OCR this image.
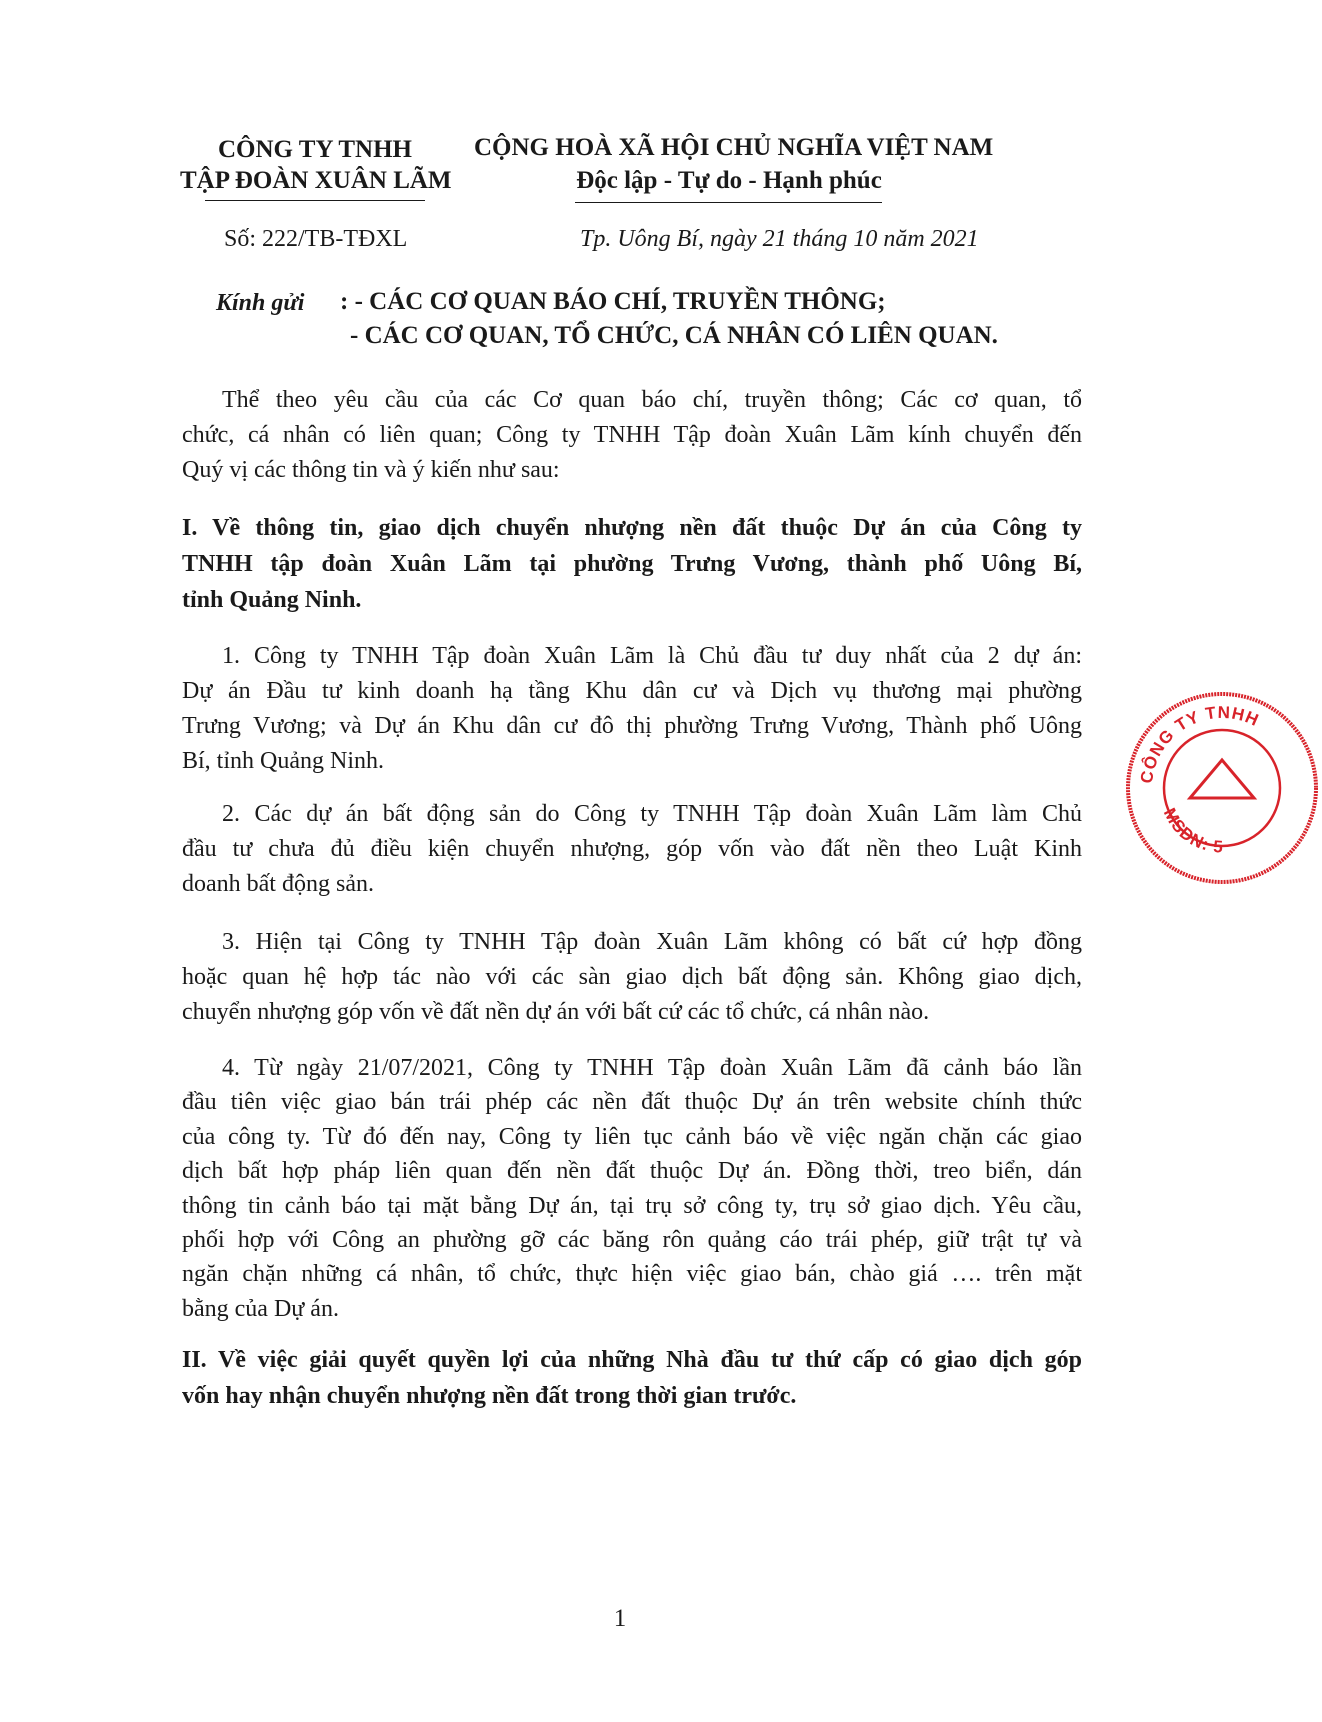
CÔNG TY TNHH
TẬP ĐOÀN XUÂN LÃM
CỘNG HOÀ XÃ HỘI CHỦ NGHĨA VIỆT NAM
Độc lập - Tự do - Hạnh phúc
Số: 222/TB-TĐXL	Tp. Uông Bí, ngày 21 tháng 10 năm 2021
Kính gửi : - CÁC CƠ QUAN BÁO CHÍ, TRUYỀN THÔNG;
- CÁC CƠ QUAN, TỔ CHỨC, CÁ NHÂN CÓ LIÊN QUAN.
Thể theo yêu cầu của các Cơ quan báo chí, truyền thông; Các cơ quan, tổ
chức, cá nhân có liên quan; Công ty TNHH Tập đoàn Xuân Lãm kính chuyển đến
Quý vị các thông tin và ý kiến như sau:
I. Về thông tin, giao dịch chuyển nhượng nền đất thuộc Dự án của Công ty
TNHH tập đoàn Xuân Lãm tại phường Trưng Vương, thành phố Uông Bí,
tỉnh Quảng Ninh.
1. Công ty TNHH Tập đoàn Xuân Lãm là Chủ đầu tư duy nhất của 2 dự án:
Dự án Đầu tư kinh doanh hạ tầng Khu dân cư và Dịch vụ thương mại phường
Trưng Vương; và Dự án Khu dân cư đô thị phường Trưng Vương, Thành phố Uông
Bí, tỉnh Quảng Ninh.
2. Các dự án bất động sản do Công ty TNHH Tập đoàn Xuân Lãm làm Chủ
đầu tư chưa đủ điều kiện chuyển nhượng, góp vốn vào đất nền theo Luật Kinh
doanh bất động sản.
3. Hiện tại Công ty TNHH Tập đoàn Xuân Lãm không có bất cứ hợp đồng
hoặc quan hệ hợp tác nào với các sàn giao dịch bất động sản. Không giao dịch,
chuyển nhượng góp vốn về đất nền dự án với bất cứ các tổ chức, cá nhân nào.
4. Từ ngày 21/07/2021, Công ty TNHH Tập đoàn Xuân Lãm đã cảnh báo lần
đầu tiên việc giao bán trái phép các nền đất thuộc Dự án trên website chính thức
của công ty. Từ đó đến nay, Công ty liên tục cảnh báo về việc ngăn chặn các giao
dịch bất hợp pháp liên quan đến nền đất thuộc Dự án. Đồng thời, treo biển, dán
thông tin cảnh báo tại mặt bằng Dự án, tại trụ sở công ty, trụ sở giao dịch. Yêu cầu,
phối hợp với Công an phường gỡ các băng rôn quảng cáo trái phép, giữ trật tự và
ngăn chặn những cá nhân, tổ chức, thực hiện việc giao bán, chào giá …. trên mặt
bằng của Dự án.
II. Về việc giải quyết quyền lợi của những Nhà đầu tư thứ cấp có giao dịch góp
vốn hay nhận chuyển nhượng nền đất trong thời gian trước.
CÔNG TY TNHH
MSDN: 5
1
